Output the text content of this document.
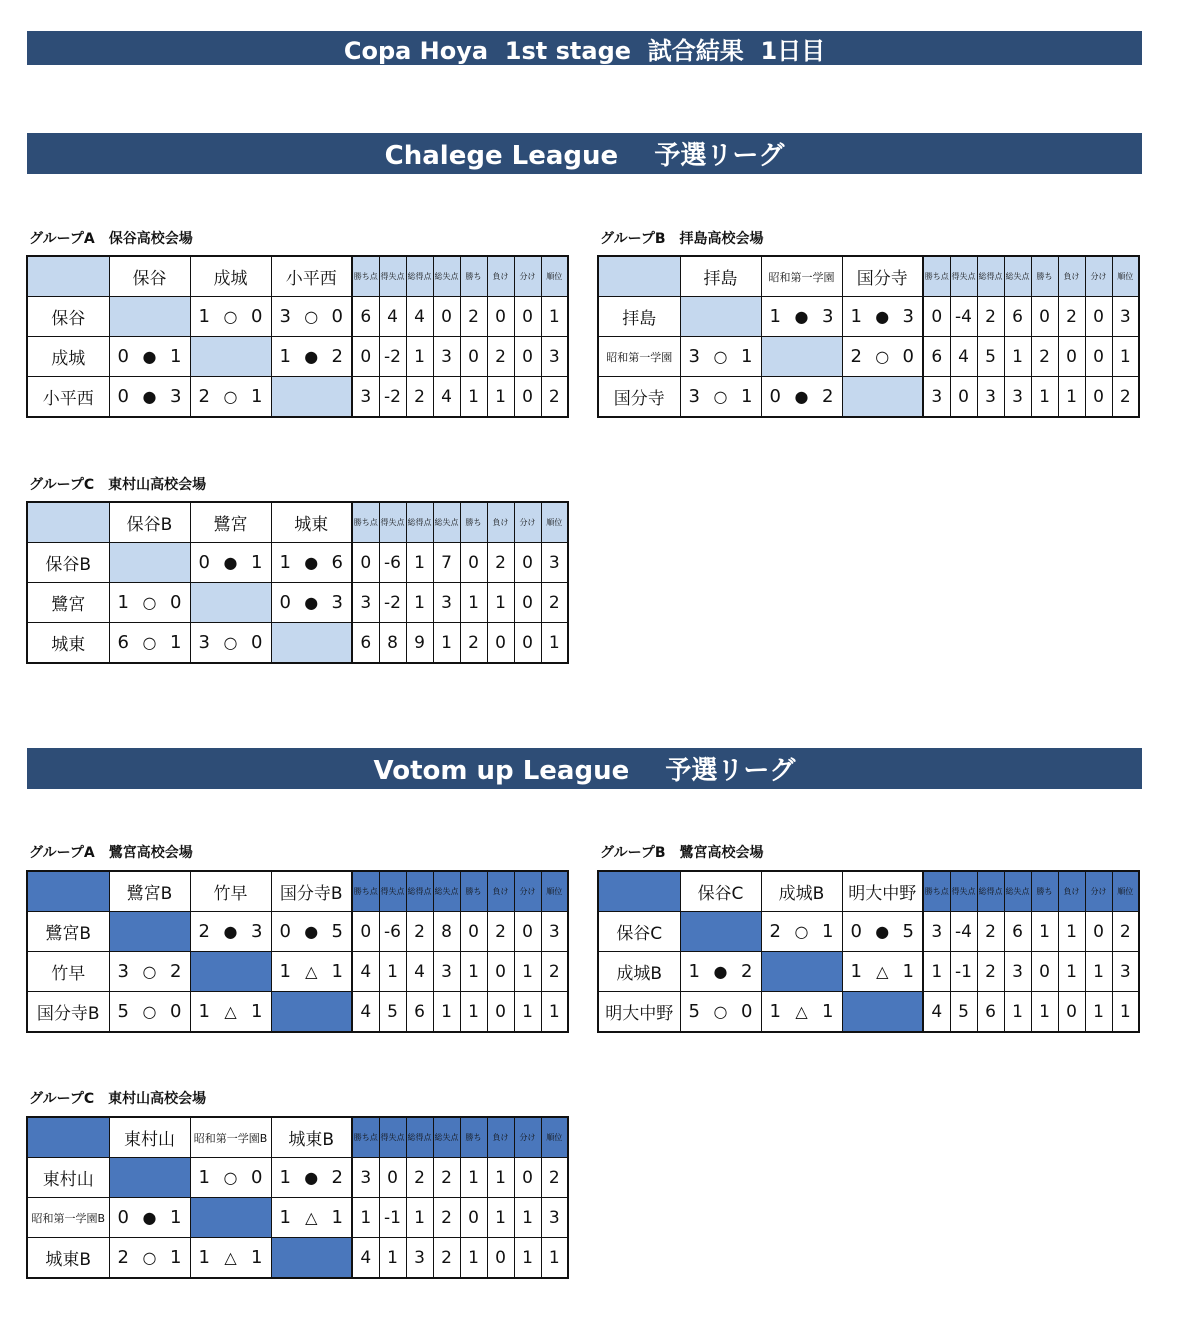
Copa Hoya  1st stage  試合結果  1日目
Chalege League    予選リーグ
Votom up League    予選リーグ
グループA　保谷高校会場	グループB　拝島高校会場
グループC　東村山高校会場
グループA　鷺宮高校会場	グループB　鷺宮高校会場
グループC　東村山高校会場
	保谷	成城	小平西	勝ち点	得失点	総得点	総失点	勝ち	負け	分け	順位
保谷		1 ○ 0	3 ○ 0	6	4	4	0	2	0	0	1
成城	0 ● 1		1 ● 2	0	-2	1	3	0	2	0	3
小平西	0 ● 3	2 ○ 1		3	-2	2	4	1	1	0	2
	拝島	昭和第一学園	国分寺	勝ち点	得失点	総得点	総失点	勝ち	負け	分け	順位
拝島		1 ● 3	1 ● 3	0	-4	2	6	0	2	0	3
昭和第一学園	3 ○ 1		2 ○ 0	6	4	5	1	2	0	0	1
国分寺	3 ○ 1	0 ● 2		3	0	3	3	1	1	0	2
	保谷B	鷺宮	城東	勝ち点	得失点	総得点	総失点	勝ち	負け	分け	順位
保谷B		0 ● 1	1 ● 6	0	-6	1	7	0	2	0	3
鷺宮	1 ○ 0		0 ● 3	3	-2	1	3	1	1	0	2
城東	6 ○ 1	3 ○ 0		6	8	9	1	2	0	0	1
	鷺宮B	竹早	国分寺B	勝ち点	得失点	総得点	総失点	勝ち	負け	分け	順位
鷺宮B		2 ● 3	0 ● 5	0	-6	2	8	0	2	0	3
竹早	3 ○ 2		1 △ 1	4	1	4	3	1	0	1	2
国分寺B	5 ○ 0	1 △ 1		4	5	6	1	1	0	1	1
	保谷C	成城B	明大中野	勝ち点	得失点	総得点	総失点	勝ち	負け	分け	順位
保谷C		2 ○ 1	0 ● 5	3	-4	2	6	1	1	0	2
成城B	1 ● 2		1 △ 1	1	-1	2	3	0	1	1	3
明大中野	5 ○ 0	1 △ 1		4	5	6	1	1	0	1	1
	東村山	昭和第一学園B	城東B	勝ち点	得失点	総得点	総失点	勝ち	負け	分け	順位
東村山		1 ○ 0	1 ● 2	3	0	2	2	1	1	0	2
昭和第一学園B	0 ● 1		1 △ 1	1	-1	1	2	0	1	1	3
城東B	2 ○ 1	1 △ 1		4	1	3	2	1	0	1	1
